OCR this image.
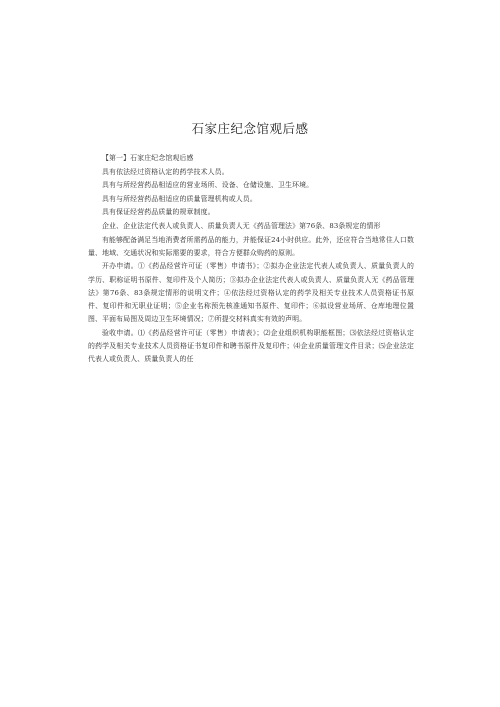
石家庄纪念馆观后感

【第一】石家庄纪念馆观后感

具有依法经过资格认定的药学技术人员。

具有与所经营药品相适应的营业场所、设备、仓储设施、卫生环境。

具有与所经营药品相适应的质量管理机构或人员。

具有保证经营药品质量的规章制度。

企业、企业法定代表人或负责人、质量负责人无《药品管理法》第76条、83条规定的情形

有能够配备满足当地消费者所需药品的能力，并能保证24小时供应。此外，还应符合当地常住人口数量、地域、交通状况和实际需要的要求，符合方便群众购药的原则。

开办申请。①《药品经营许可证（零售）申请书》；②拟办企业法定代表人或负责人、质量负责人的学历、职称证明书原件、复印件及个人简历；③拟办企业法定代表人或负责人、质量负责人无《药品管理法》第76条、83条规定情形的说明文件；④依法经过资格认定的药学及相关专业技术人员资格证书原件、复印件和无职业证明；⑤企业名称预先核准通知书原件、复印件；⑥拟设营业场所、仓库地理位置图、平面布局图及周边卫生环境情况；⑦所提交材料真实有效的声明。

验收申请。⑴《药品经营许可证（零售）申请表》；⑵企业组织机构职能框图；⑶依法经过资格认定的药学及相关专业技术人员资格证书复印件和聘书原件及复印件；⑷企业质量管理文件目录；⑸企业法定代表人或负责人、质量负责人的任
